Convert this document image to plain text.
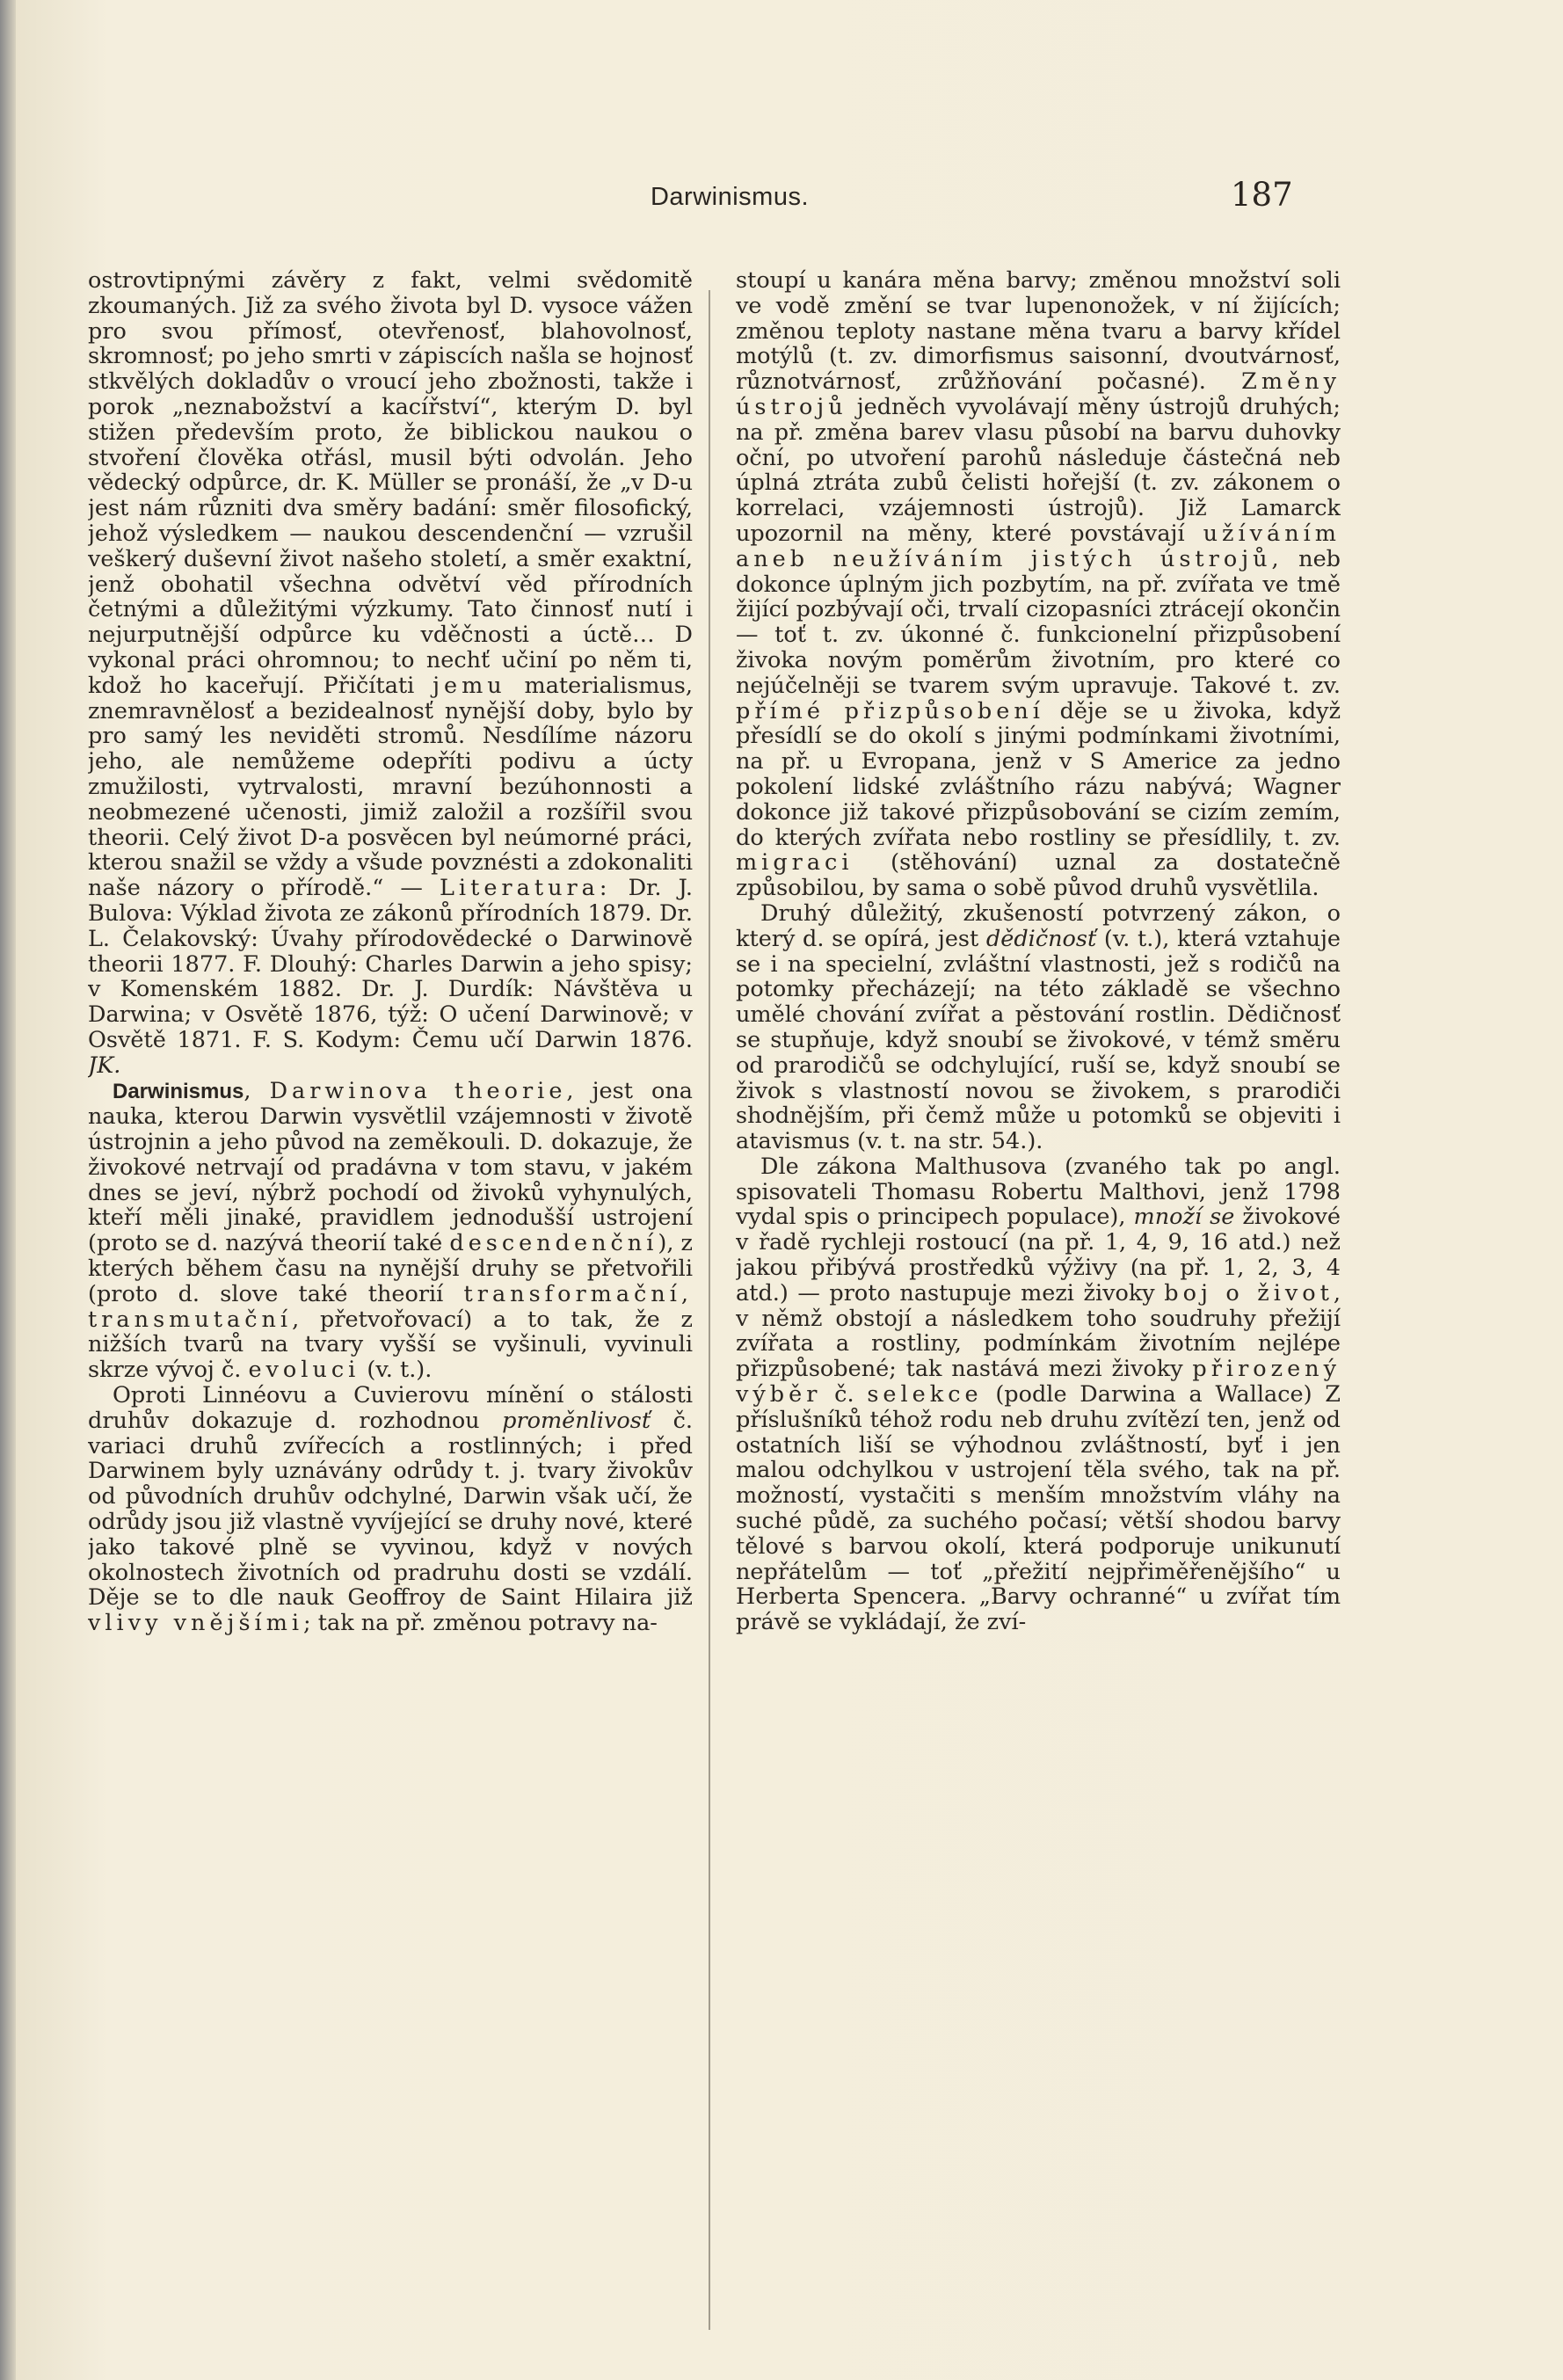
Darwinismus.	187

ostrovtipnými závěry z fakt, velmi svědomitě zkoumaných. Již za svého života byl D. vysoce vážen pro svou přímosť, otevřenosť, blahovolnosť, skromnosť; po jeho smrti v zápiscích našla se hojnosť stkvělých dokladův o vroucí jeho zbožnosti, takže i porok „neznabožství a kacířství“, kterým D. byl stižen především proto, že biblickou naukou o stvoření člověka otřásl, musil býti odvolán. Jeho vědecký odpůrce, dr. K. Müller se pronáší, že „v D-u jest nám různiti dva směry badání: směr filosofický, jehož výsledkem — naukou descendenční — vzrušil veškerý duševní život našeho století, a směr exaktní, jenž obohatil všechna odvětví věd přírodních četnými a důležitými výzkumy. Tato činnosť nutí i nejurputnější odpůrce ku vděčnosti a úctě… D vykonal práci ohromnou; to nechť učiní po něm ti, kdož ho kaceřují. Přičítati jemu materialismus, znemravnělosť a bezidealnosť nynější doby, bylo by pro samý les neviděti stromů. Nesdílíme názoru jeho, ale nemůžeme odepříti podivu a úcty zmužilosti, vytrvalosti, mravní bezúhonnosti a neobmezené učenosti, jimiž založil a rozšířil svou theorii. Celý život D-a posvěcen byl neúmorné práci, kterou snažil se vždy a všude povznésti a zdokonaliti naše názory o přírodě.“ — Literatura: Dr. J. Bulova: Výklad života ze zákonů přírodních 1879. Dr. L. Čelakovský: Úvahy přírodovědecké o Darwinově theorii 1877. F. Dlouhý: Charles Darwin a jeho spisy; v Komenském 1882. Dr. J. Durdík: Návštěva u Darwina; v Osvětě 1876, týž: O učení Darwinově; v Osvětě 1871. F. S. Kodym: Čemu učí Darwin 1876. JK.

Darwinismus, Darwinova theorie, jest ona nauka, kterou Darwin vysvětlil vzájemnosti v životě ústrojnin a jeho původ na zeměkouli. D. dokazuje, že živokové netrvají od pradávna v tom stavu, v jakém dnes se jeví, nýbrž pochodí od živoků vyhynulých, kteří měli jinaké, pravidlem jednodušší ustrojení (proto se d. nazývá theorií také descendenční), z kterých během času na nynější druhy se přetvořili (proto d. slove také theorií transformační, transmutační, přetvořovací) a to tak, že z nižších tvarů na tvary vyšší se vyšinuli, vyvinuli skrze vývoj č. evoluci (v. t.).

Oproti Linnéovu a Cuvierovu mínění o stálosti druhův dokazuje d. rozhodnou proměnlivosť č. variaci druhů zvířecích a rostlinných; i před Darwinem byly uznávány odrůdy t. j. tvary živokův od původních druhův odchylné, Darwin však učí, že odrůdy jsou již vlastně vyvíjející se druhy nové, které jako takové plně se vyvinou, když v nových okolnostech životních od pradruhu dosti se vzdálí. Děje se to dle nauk Geoffroy de Saint Hilaira již vlivy vnějšími; tak na př. změnou potravy na-

stoupí u kanára měna barvy; změnou množství soli ve vodě změní se tvar lupenonožek, v ní žijících; změnou teploty nastane měna tvaru a barvy křídel motýlů (t. zv. dimorfismus saisonní, dvoutvárnosť, různotvárnosť, zrůžňování počasné). Změny ústrojů jedněch vyvolávají měny ústrojů druhých; na př. změna barev vlasu působí na barvu duhovky oční, po utvoření parohů následuje částečná neb úplná ztráta zubů čelisti hořejší (t. zv. zákonem o korrelaci, vzájemnosti ústrojů). Již Lamarck upozornil na měny, které povstávají užíváním aneb neužíváním jistých ústrojů, neb dokonce úplným jich pozbytím, na př. zvířata ve tmě žijící pozbývají oči, trvalí cizopasníci ztrácejí okončin — toť t. zv. úkonné č. funkcionelní přizpůsobení živoka novým poměrům životním, pro které co nejúčelněji se tvarem svým upravuje. Takové t. zv. přímé přizpůsobení děje se u živoka, když přesídlí se do okolí s jinými podmínkami životními, na př. u Evropana, jenž v S Americe za jedno pokolení lidské zvláštního rázu nabývá; Wagner dokonce již takové přizpůsobování se cizím zemím, do kterých zvířata nebo rostliny se přesídlily, t. zv. migraci (stěhování) uznal za dostatečně způsobilou, by sama o sobě původ druhů vysvětlila.

Druhý důležitý, zkušeností potvrzený zákon, o který d. se opírá, jest dědičnosť (v. t.), která vztahuje se i na specielní, zvláštní vlastnosti, jež s rodičů na potomky přecházejí; na této základě se všechno umělé chování zvířat a pěstování rostlin. Dědičnosť se stupňuje, když snoubí se živokové, v témž směru od prarodičů se odchylující, ruší se, když snoubí se živok s vlastností novou se živokem, s prarodiči shodnějším, při čemž může u potomků se objeviti i atavismus (v. t. na str. 54.).

Dle zákona Malthusova (zvaného tak po angl. spisovateli Thomasu Robertu Malthovi, jenž 1798 vydal spis o principech populace), množí se živokové v řadě rychleji rostoucí (na př. 1, 4, 9, 16 atd.) než jakou přibývá prostředků výživy (na př. 1, 2, 3, 4 atd.) — proto nastupuje mezi živoky boj o život, v němž obstojí a následkem toho soudruhy přežijí zvířata a rostliny, podmínkám životním nejlépe přizpůsobené; tak nastává mezi živoky přirozený výběr č. selekce (podle Darwina a Wallace) Z příslušníků téhož rodu neb druhu zvítězí ten, jenž od ostatních liší se výhodnou zvláštností, byť i jen malou odchylkou v ustrojení těla svého, tak na př. možností, vystačiti s menším množstvím vláhy na suché půdě, za suchého počasí; větší shodou barvy tělové s barvou okolí, která podporuje unikunutí nepřátelům — toť „přežití nejpřiměřenějšího“ u Herberta Spencera. „Barvy ochranné“ u zvířat tím právě se vykládají, že zví-
